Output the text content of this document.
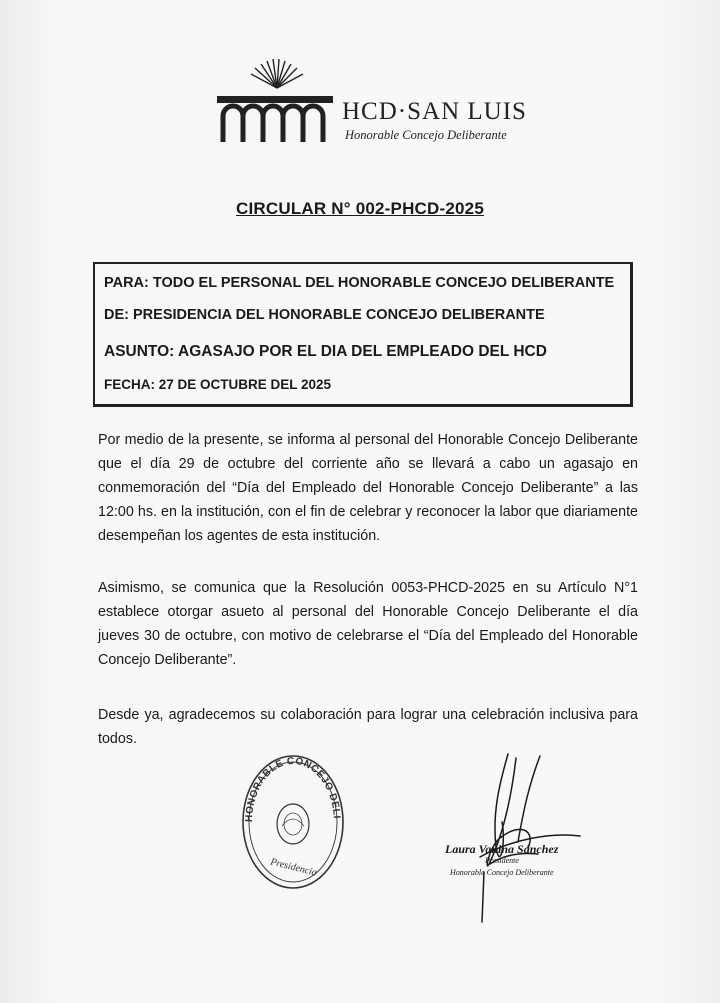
HCD·SAN LUIS
Honorable Concejo Deliberante
CIRCULAR N° 002-PHCD-2025
PARA: TODO EL PERSONAL DEL HONORABLE CONCEJO DELIBERANTE
DE: PRESIDENCIA DEL HONORABLE CONCEJO DELIBERANTE
ASUNTO: AGASAJO POR EL DIA DEL EMPLEADO DEL HCD
FECHA: 27 DE OCTUBRE DEL 2025
Por medio de la presente, se informa al personal del Honorable Concejo Deliberante que el día 29 de octubre del corriente año se llevará a cabo un agasajo en conmemoración del “Día del Empleado del Honorable Concejo Deliberante” a las 12:00 hs. en la institución, con el fin de celebrar y reconocer la labor que diariamente desempeñan los agentes de esta institución.
Asimismo, se comunica que la Resolución 0053-PHCD-2025 en su Artículo N°1 establece otorgar asueto al personal del Honorable Concejo Deliberante el día jueves 30 de octubre, con motivo de celebrarse el “Día del Empleado del Honorable Concejo Deliberante”.
Desde ya, agradecemos su colaboración para lograr una celebración inclusiva para todos.
HONORABLE CONCEJO DELI
Presidencia
Laura Vanina Sánchez
Presidente
Honorable Concejo Deliberante
